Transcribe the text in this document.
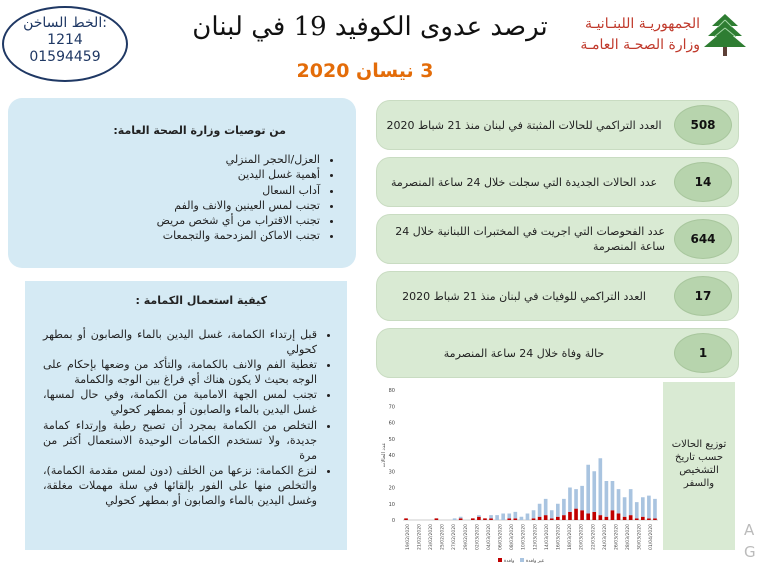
الخط الساخن:
1214
01594459
ترصد عدوى الكوفيد 19 في لبنان
3 نيسان 2020
الجمهوريـة اللبنـانيـة
وزارة الصحـة العامـة
من توصيات وزارة الصحة العامة:
• العزل/الحجر المنزلي
• أهمية غسل اليدين
• آداب السعال
• تجنب لمس العينين والانف والفم
• تجنب الاقتراب من أي شخص مريض
• تجنب الاماكن المزدحمة والتجمعات
كيفية استعمال الكمامة :
• قبل إرتداء الكمامة، غسل اليدين بالماء والصابون أو بمطهر كحولي
• تغطية الفم والانف بالكمامة، والتأكد من وضعها بإحكام على الوجه بحيث لا يكون هناك أي فراغ بين الوجه والكمامة
• تجنب لمس الجهة الامامية من الكمامة، وفي حال لمسها، غسل اليدين بالماء والصابون أو بمطهر كحولي
• التخلص من الكمامة بمجرد أن تصبح رطبة وإرتداء كمامة جديدة، ولا تستخدم الكمامات الوحيدة الاستعمال أكثر من مرة
• لنزع الكمامة: نزعها من الخلف (دون لمس مقدمة الكمامة)، والتخلص منها على الفور بإلقائها في سلة مهملات مغلقة، وغسل اليدين بالماء والصابون أو بمطهر كحولي
العدد التراكمي للحالات المثبتة في لبنان منذ 21 شباط 2020	508
عدد الحالات الجديدة التي سجلت خلال 24 ساعة المنصرمة	14
عدد الفحوصات التي اجريت في المختبرات اللبنانية خلال 24 ساعة المنصرمة
644
العدد التراكمي للوفيات في لبنان منذ 21 شباط 2020	17
حالة وفاة خلال 24 ساعة المنصرمة	1
0
10
20
30
40
50
60
70
80
عدد الحالات
19/02/2020 21/02/2020 23/02/2020 25/02/2020 27/02/2020 29/02/2020 02/03/2020 04/03/2020 06/03/2020 08/03/2020 10/03/2020 12/03/2020 14/03/2020 16/03/2020 18/03/2020 20/03/2020 22/03/2020 24/03/2020 26/03/2020 28/03/2020 30/03/2020 01/04/2020
وافدة	غير وافدة
توزيع الحالات حسب تاريخ التشخيص والسفر
A
G
